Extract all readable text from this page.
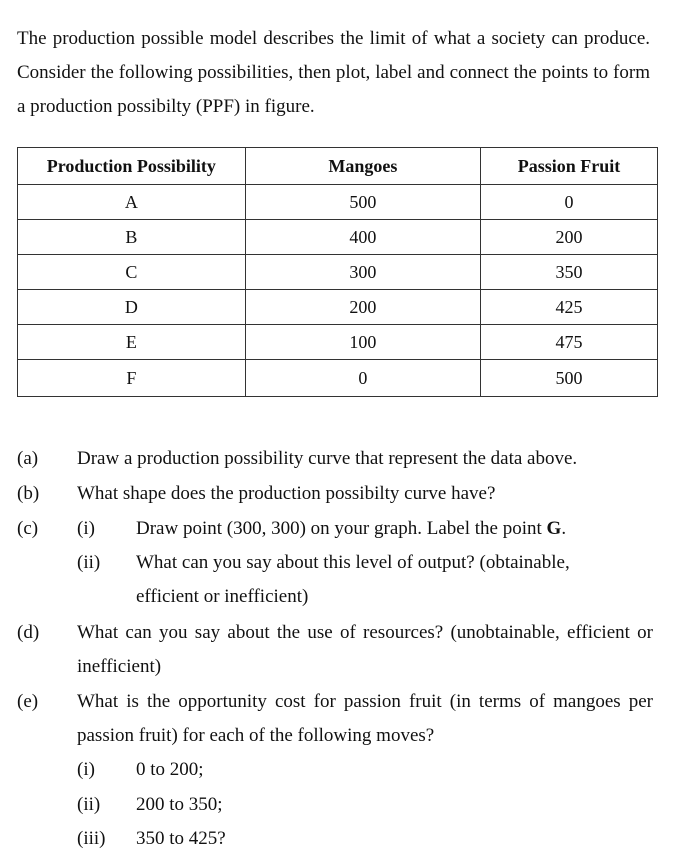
The production possible model describes the limit of what a society can produce. Consider the following possibilities, then plot, label and connect the points to form a production possibilty (PPF) in figure.
Production Possibility	Mangoes	Passion Fruit
A	500	0
B	400	200
C	300	350
D	200	425
E	100	475
F	0	500
(a) Draw a production possibility curve that represent the data above.
(b) What shape does the production possibilty curve have?
(c) (i) Draw point (300, 300) on your graph. Label the point G.
(ii) What can you say about this level of output? (obtainable, efficient or inefficient)
(d) What can you say about the use of resources? (unobtainable, efficient or inefficient)
(e) What is the opportunity cost for passion fruit (in terms of mangoes per passion fruit) for each of the following moves?
(i) 0 to 200;
(ii) 200 to 350;
(iii) 350 to 425?
